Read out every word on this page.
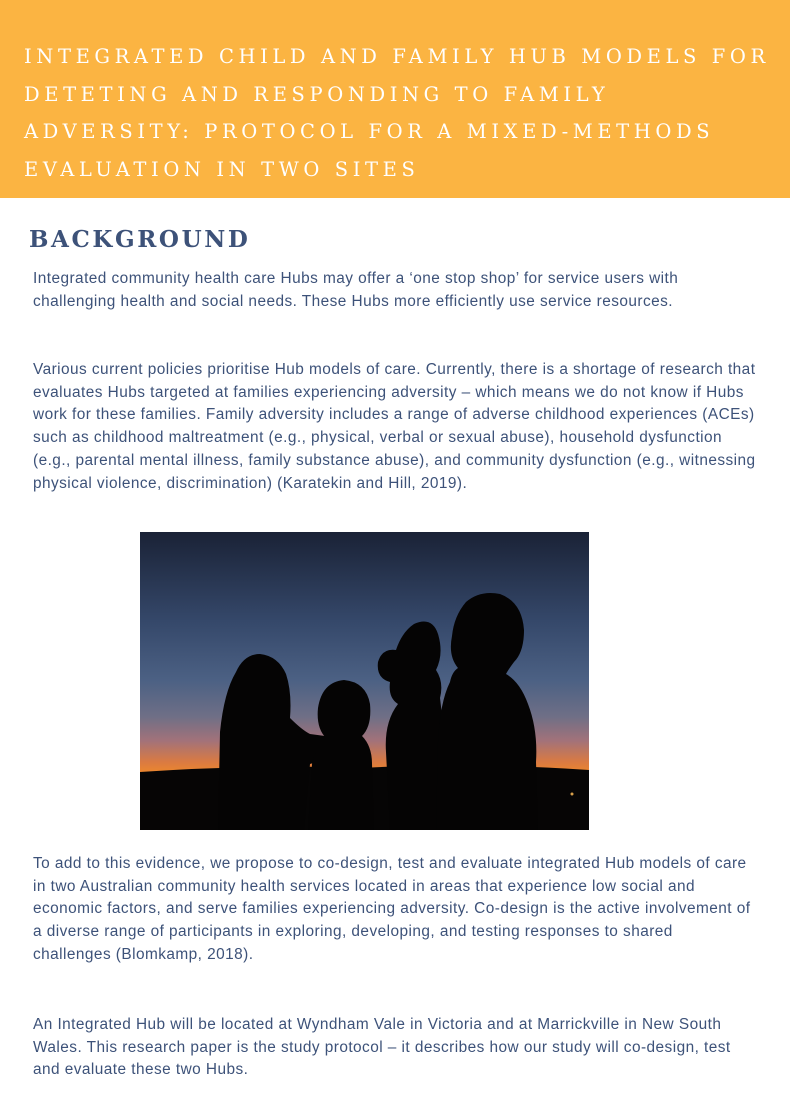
INTEGRATED CHILD AND FAMILY HUB MODELS FOR DETETING AND RESPONDING TO FAMILY ADVERSITY: PROTOCOL FOR A MIXED-METHODS EVALUATION IN TWO SITES
BACKGROUND

Integrated community health care Hubs may offer a ‘one stop shop’ for service users with challenging health and social needs. These Hubs more efficiently use service resources.

Various current policies prioritise Hub models of care. Currently, there is a shortage of research that evaluates Hubs targeted at families experiencing adversity – which means we do not know if Hubs work for these families. Family adversity includes a range of adverse childhood experiences (ACEs) such as childhood maltreatment (e.g., physical, verbal or sexual abuse), household dysfunction (e.g., parental mental illness, family substance abuse), and community dysfunction (e.g., witnessing physical violence, discrimination) (Karatekin and Hill, 2019).

To add to this evidence, we propose to co-design, test and evaluate integrated Hub models of care in two Australian community health services located in areas that experience low social and economic factors, and serve families experiencing adversity. Co-design is the active involvement of a diverse range of participants in exploring, developing, and testing responses to shared challenges (Blomkamp, 2018).

An Integrated Hub will be located at Wyndham Vale in Victoria and at Marrickville in New South Wales. This research paper is the study protocol – it describes how our study will co-design, test and evaluate these two Hubs.
